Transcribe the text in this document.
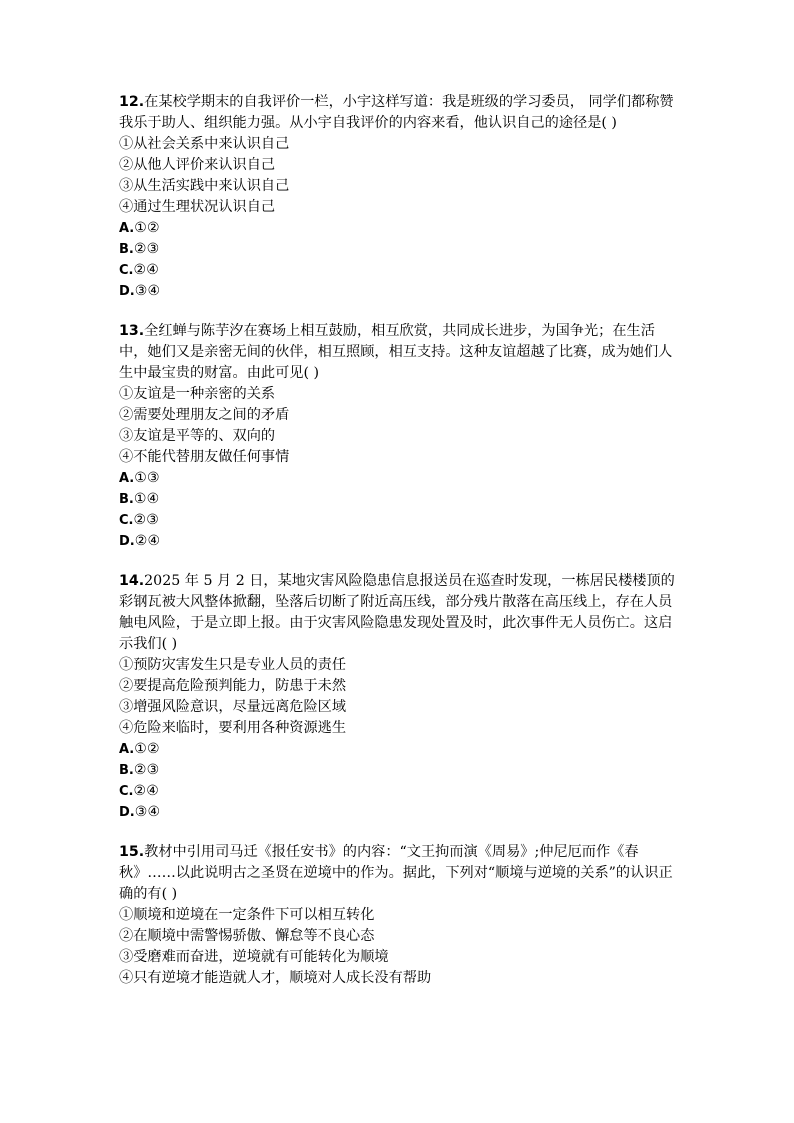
12.在某校学期末的自我评价一栏，小宇这样写道：我是班级的学习委员， 同学们都称赞我乐于助人、组织能力强。从小宇自我评价的内容来看，他认识自己的途径是( )

①从社会关系中来认识自己

②从他人评价来认识自己

③从生活实践中来认识自己

④通过生理状况认识自己

A.①②

B.②③

C.②④

D.③④

13.全红蝉与陈芋汐在赛场上相互鼓励，相互欣赏，共同成长进步，为国争光；在生活中，她们又是亲密无间的伙伴，相互照顾，相互支持。这种友谊超越了比赛，成为她们人生中最宝贵的财富。由此可见( )

①友谊是一种亲密的关系

②需要处理朋友之间的矛盾

③友谊是平等的、双向的

④不能代替朋友做任何事情

A.①③

B.①④

C.②③

D.②④

14.2025 年 5 月 2 日，某地灾害风险隐患信息报送员在巡查时发现，一栋居民楼楼顶的彩钢瓦被大风整体掀翻，坠落后切断了附近高压线，部分残片散落在高压线上，存在人员触电风险，于是立即上报。由于灾害风险隐患发现处置及时，此次事件无人员伤亡。这启示我们( )

①预防灾害发生只是专业人员的责任

②要提高危险预判能力，防患于未然

③增强风险意识，尽量远离危险区域

④危险来临时，要利用各种资源逃生

A.①②

B.②③

C.②④

D.③④

15.教材中引用司马迁《报任安书》的内容：“文王拘而演《周易》;仲尼厄而作《春秋》……以此说明古之圣贤在逆境中的作为。据此，下列对“顺境与逆境的关系”的认识正确的有( )

①顺境和逆境在一定条件下可以相互转化

②在顺境中需警惕骄傲、懈怠等不良心态

③受磨难而奋进，逆境就有可能转化为顺境

④只有逆境才能造就人才，顺境对人成长没有帮助
